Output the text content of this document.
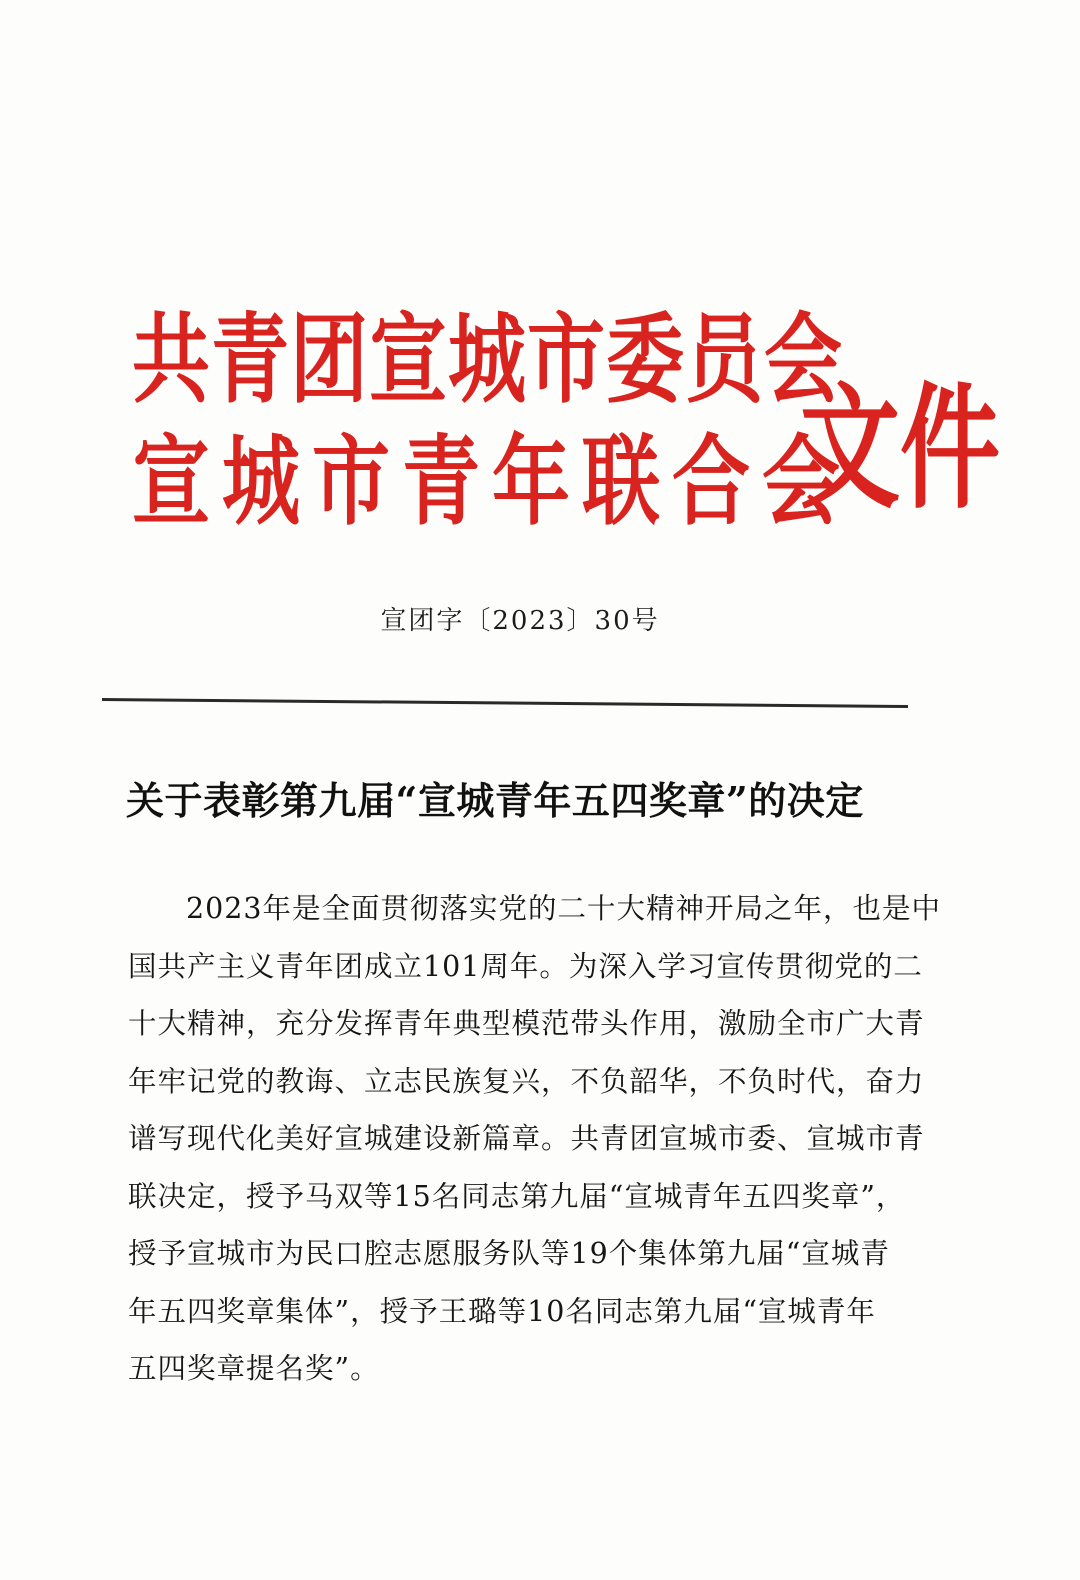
共青团宣城市委员会
宣城市青年联合会
文件
宣团字〔2023〕30号
关于表彰第九届“宣城青年五四奖章”的决定
2023年是全面贯彻落实党的二十大精神开局之年，也是中
国共产主义青年团成立101周年。为深入学习宣传贯彻党的二
十大精神，充分发挥青年典型模范带头作用，激励全市广大青
年牢记党的教诲、立志民族复兴，不负韶华，不负时代，奋力
谱写现代化美好宣城建设新篇章。共青团宣城市委、宣城市青
联决定，授予马双等15名同志第九届“宣城青年五四奖章”，
授予宣城市为民口腔志愿服务队等19个集体第九届“宣城青
年五四奖章集体”，授予王璐等10名同志第九届“宣城青年
五四奖章提名奖”。
